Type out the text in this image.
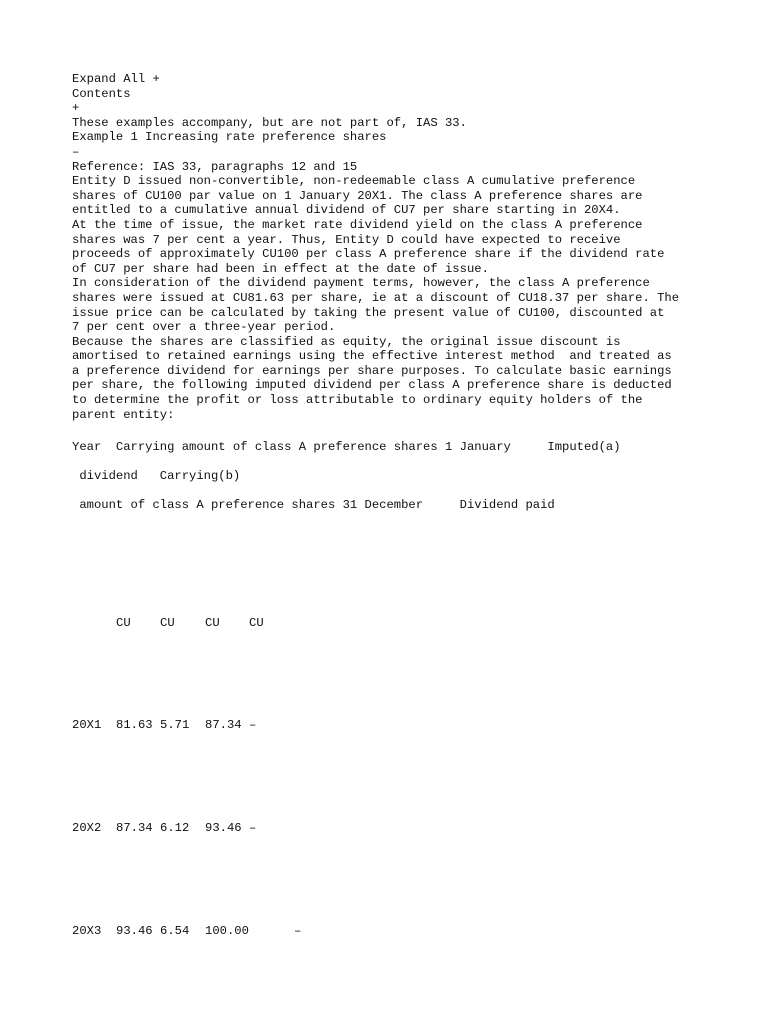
Expand All +
Contents
+
These examples accompany, but are not part of, IAS 33.
Example 1 Increasing rate preference shares
–
Reference: IAS 33, paragraphs 12 and 15
Entity D issued non-convertible, non-redeemable class A cumulative preference
shares of CU100 par value on 1 January 20X1. The class A preference shares are
entitled to a cumulative annual dividend of CU7 per share starting in 20X4.
At the time of issue, the market rate dividend yield on the class A preference
shares was 7 per cent a year. Thus, Entity D could have expected to receive
proceeds of approximately CU100 per class A preference share if the dividend rate
of CU7 per share had been in effect at the date of issue.
In consideration of the dividend payment terms, however, the class A preference
shares were issued at CU81.63 per share, ie at a discount of CU18.37 per share. The
issue price can be calculated by taking the present value of CU100, discounted at
7 per cent over a three-year period.
Because the shares are classified as equity, the original issue discount is
amortised to retained earnings using the effective interest method  and treated as
a preference dividend for earnings per share purposes. To calculate basic earnings
per share, the following imputed dividend per class A preference share is deducted
to determine the profit or loss attributable to ordinary equity holders of the
parent entity:
Year  Carrying amount of class A preference shares 1 January     Imputed(a)
dividend   Carrying(b)
amount of class A preference shares 31 December     Dividend paid
CU CU CU CU
20X1 81.63 5.71 87.34 –
20X2 87.34 6.12 93.46 –
20X3 93.46 6.54 100.00	–
